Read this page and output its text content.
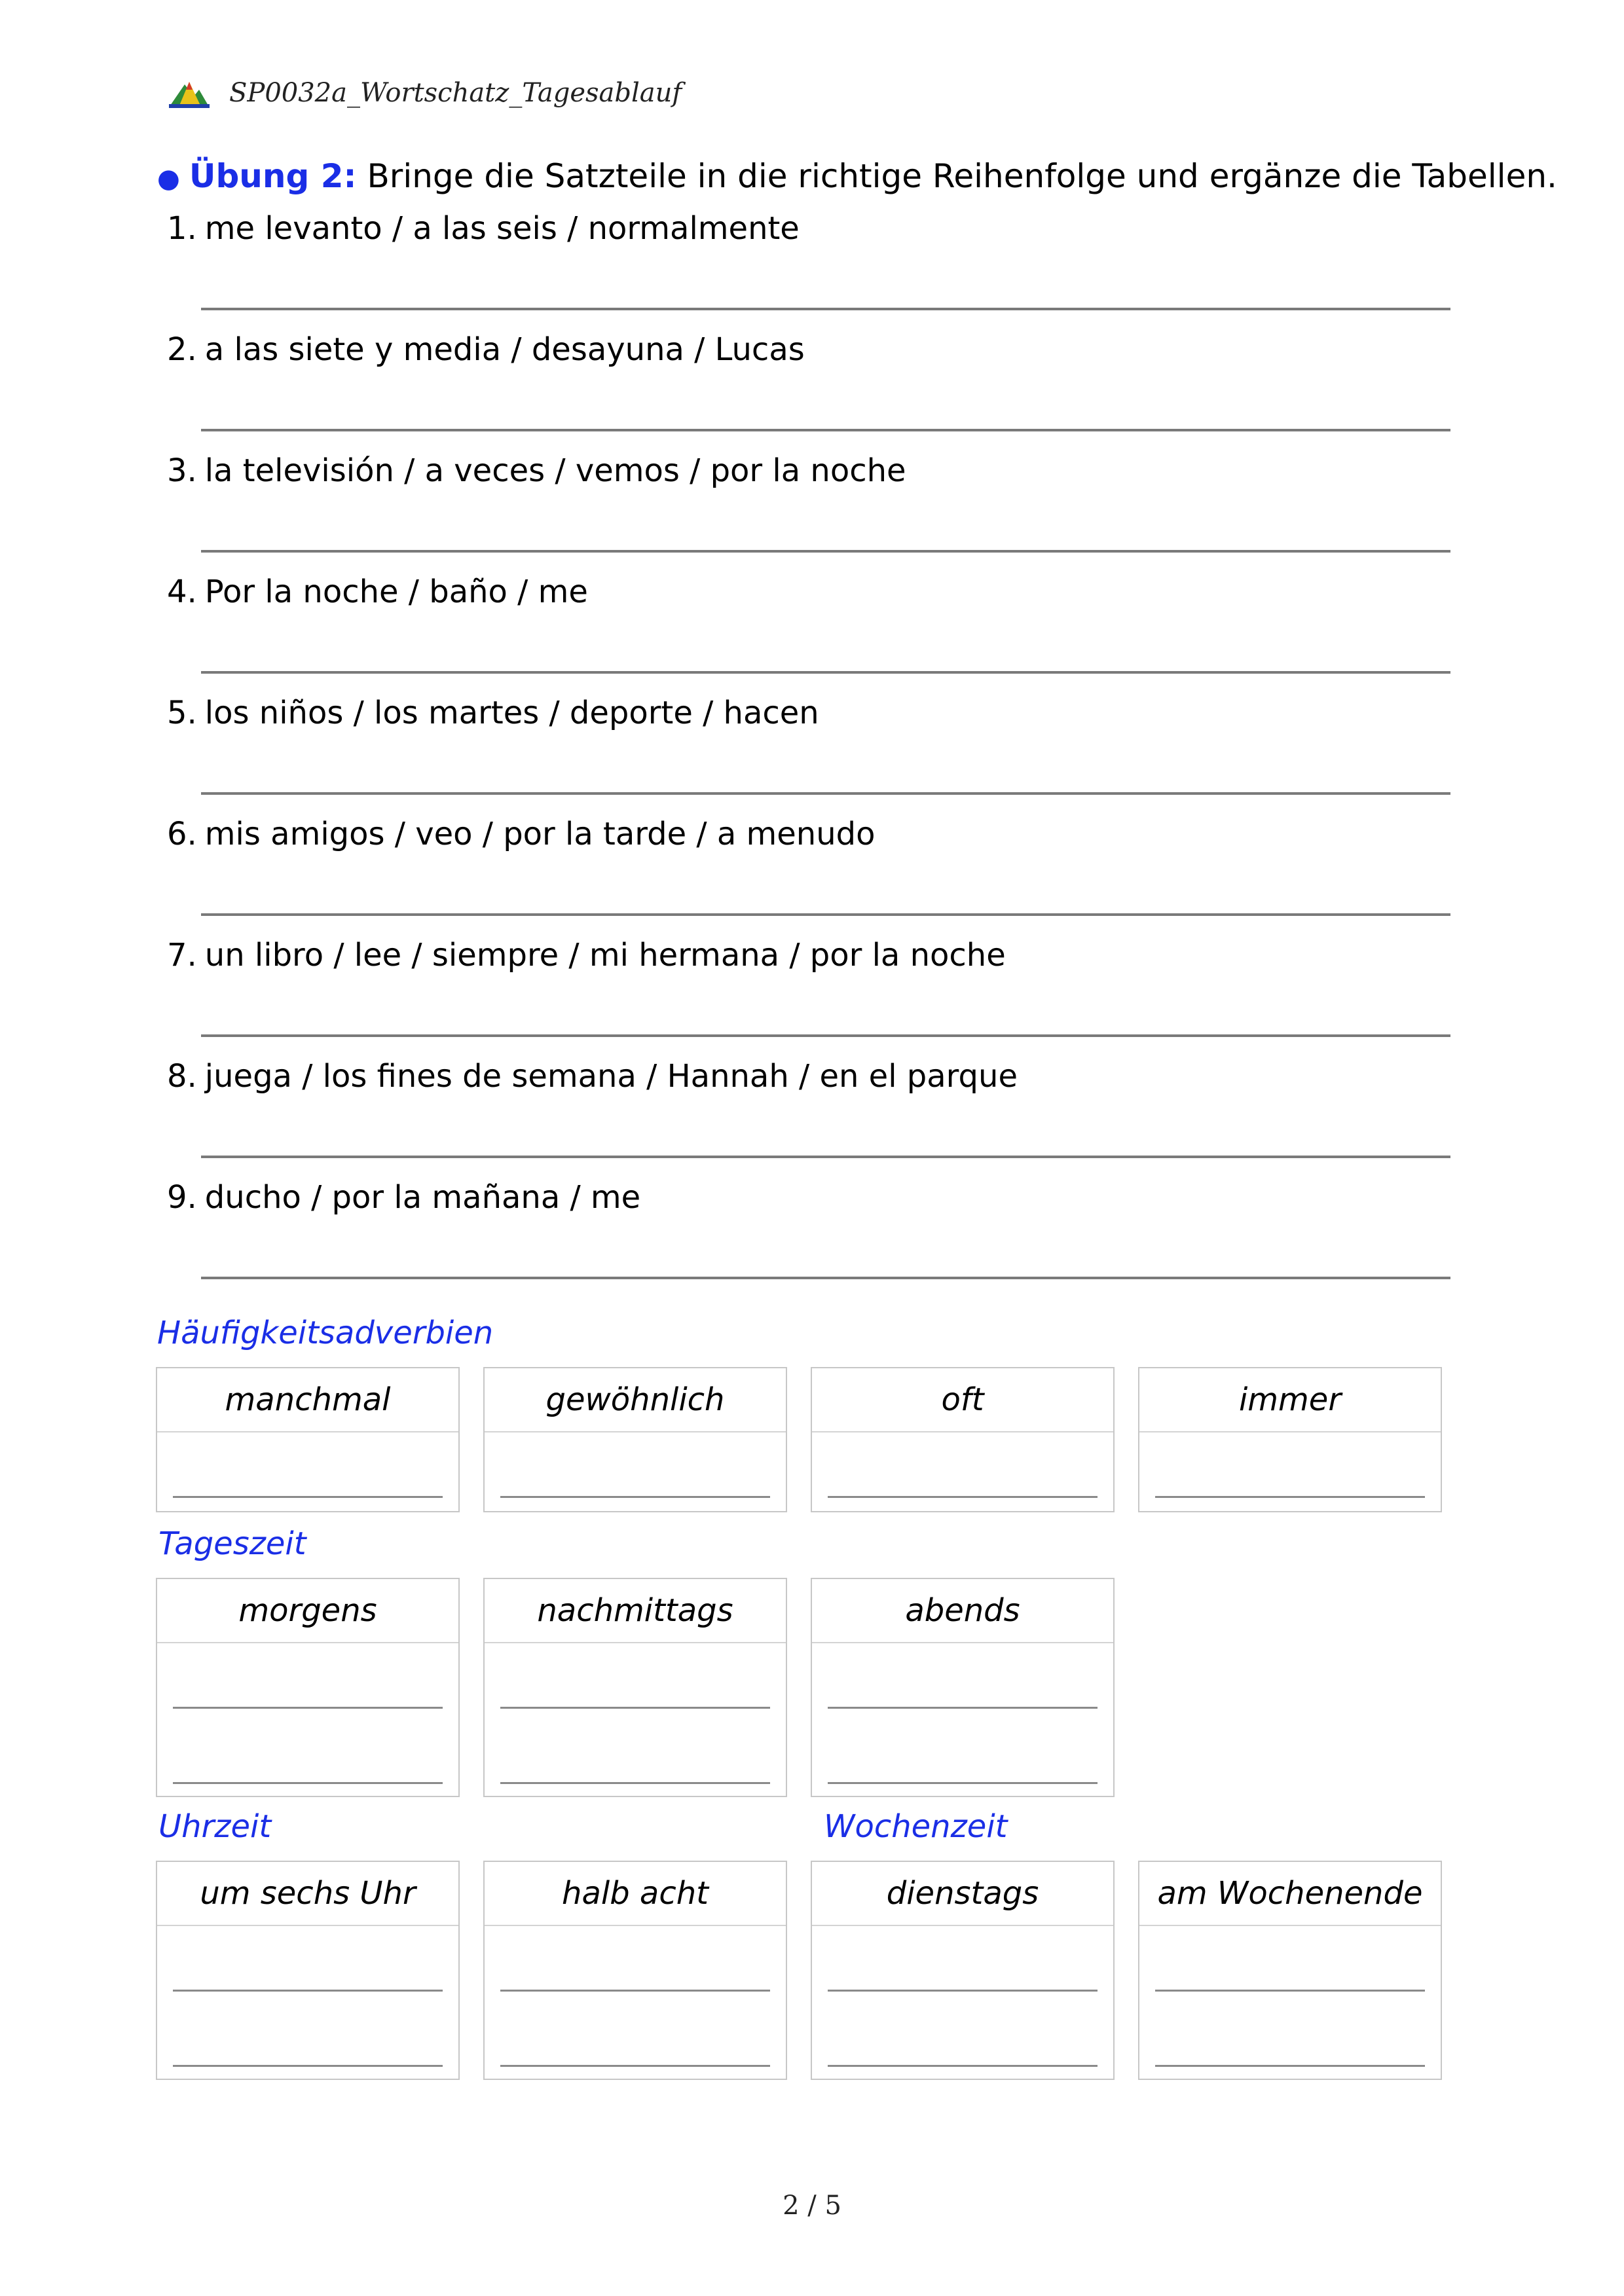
SP0032a_Wortschatz_Tagesablauf
● Übung 2: Bringe die Satzteile in die richtige Reihenfolge und ergänze die Tabellen.
1. me levanto / a las seis / normalmente
2. a las siete y media / desayuna / Lucas
3. la televisión / a veces / vemos / por la noche
4. Por la noche / baño / me
5. los niños / los martes / deporte / hacen
6. mis amigos / veo / por la tarde / a menudo
7. un libro / lee / siempre / mi hermana / por la noche
8. juega / los fines de semana / Hannah / en el parque
9. ducho / por la mañana / me
Häufigkeitsadverbien
manchmal	gewöhnlich	oft	immer
Tageszeit
morgens	nachmittags	abends
Uhrzeit	Wochenzeit
um sechs Uhr	halb acht	dienstags	am Wochenende
2 / 5
